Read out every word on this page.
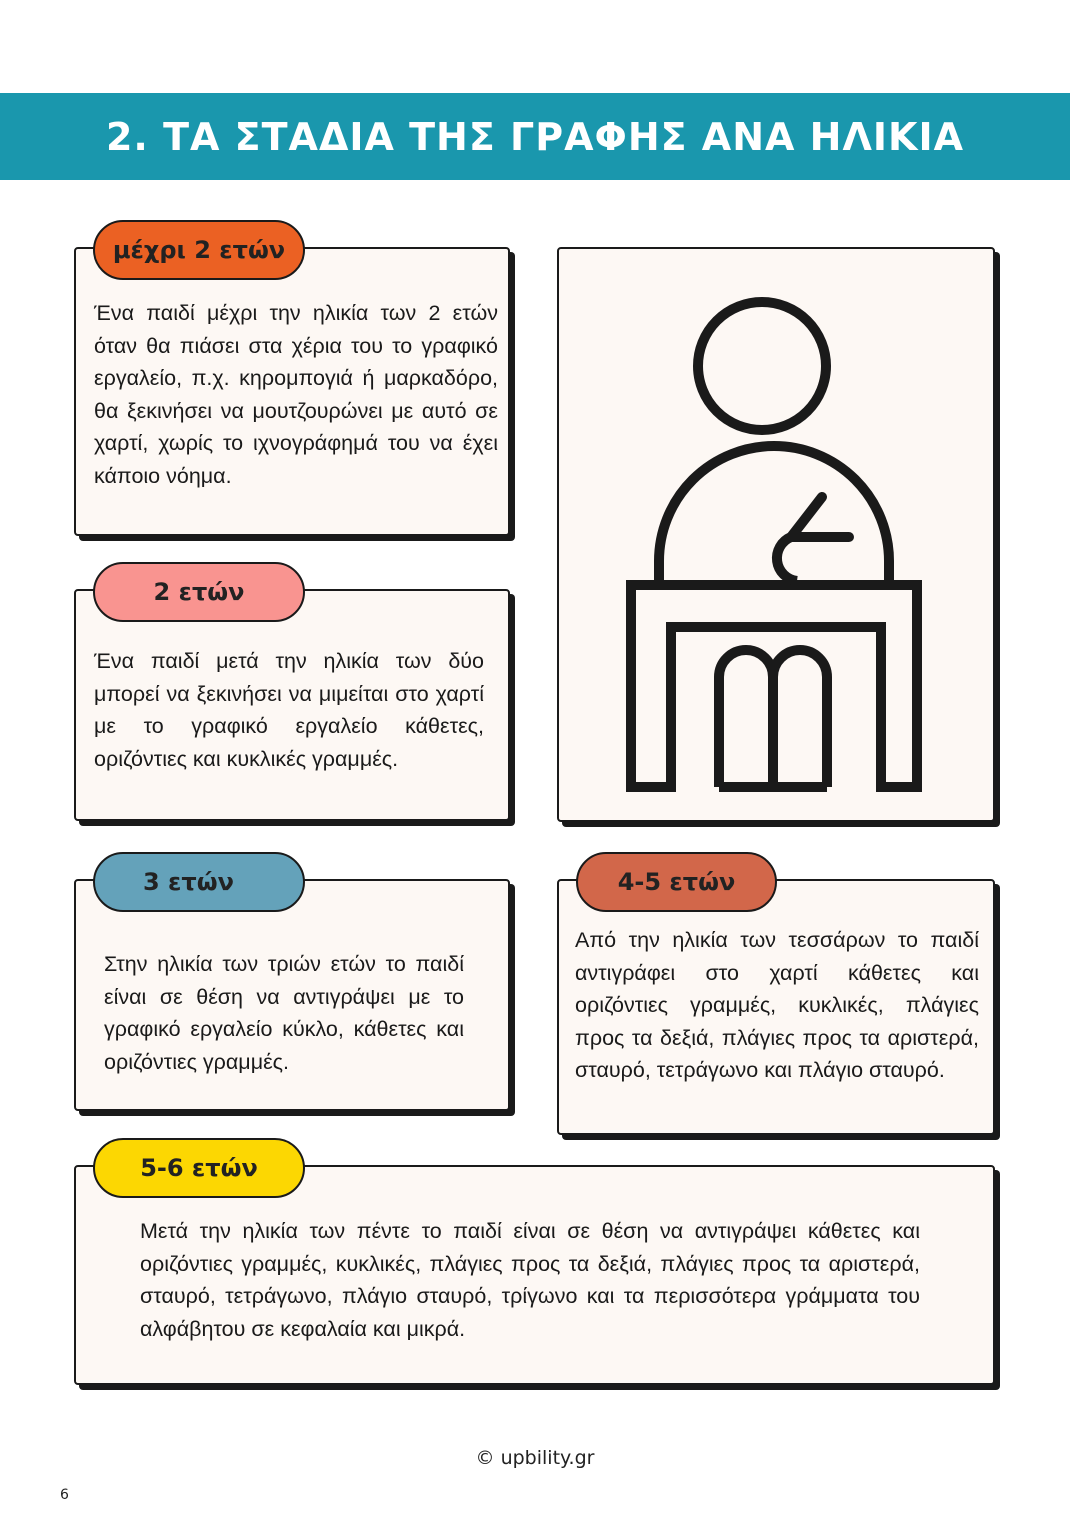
2. ΤΑ ΣΤΑΔΙΑ ΤΗΣ ΓΡΑΦΗΣ ΑΝΑ ΗΛΙΚΙΑ

Ένα παιδί μέχρι την ηλικία των 2 ετών όταν θα πιάσει στα χέρια του το γραφικό εργαλείο, π.χ. κηρομπογιά ή μαρκαδόρο, θα ξεκινήσει να μουτζουρώνει με αυτό σε χαρτί, χωρίς το ιχνογράφημά του να έχει κάποιο νόημα.

μέχρι 2 ετών

Ένα παιδί μετά την ηλικία των δύο μπορεί να ξεκινήσει να μιμείται στο χαρτί με το γραφικό εργαλείο κάθετες, οριζόντιες και κυκλικές γραμμές.

2 ετών

Στην ηλικία των τριών ετών το παιδί είναι σε θέση να αντιγράψει με το γραφικό εργαλείο κύκλο, κάθετες και οριζόντιες γραμμές.

3 ετών

Από την ηλικία των τεσσάρων το παιδί αντιγράφει στο χαρτί κάθετες και οριζόντιες γραμμές, κυκλικές, πλάγιες προς τα δεξιά, πλάγιες προς τα αριστερά, σταυρό, τετράγωνο και πλάγιο σταυρό.

4-5 ετών

Μετά την ηλικία των πέντε το παιδί είναι σε θέση να αντιγράψει κάθετες και οριζόντιες γραμμές, κυκλικές, πλάγιες προς τα δεξιά, πλάγιες προς τα αριστερά, σταυρό, τετράγωνο, πλάγιο σταυρό, τρίγωνο και τα περισσότερα γράμματα του αλφάβητου σε κεφαλαία και μικρά.

5-6 ετών
© upbility.gr
6
